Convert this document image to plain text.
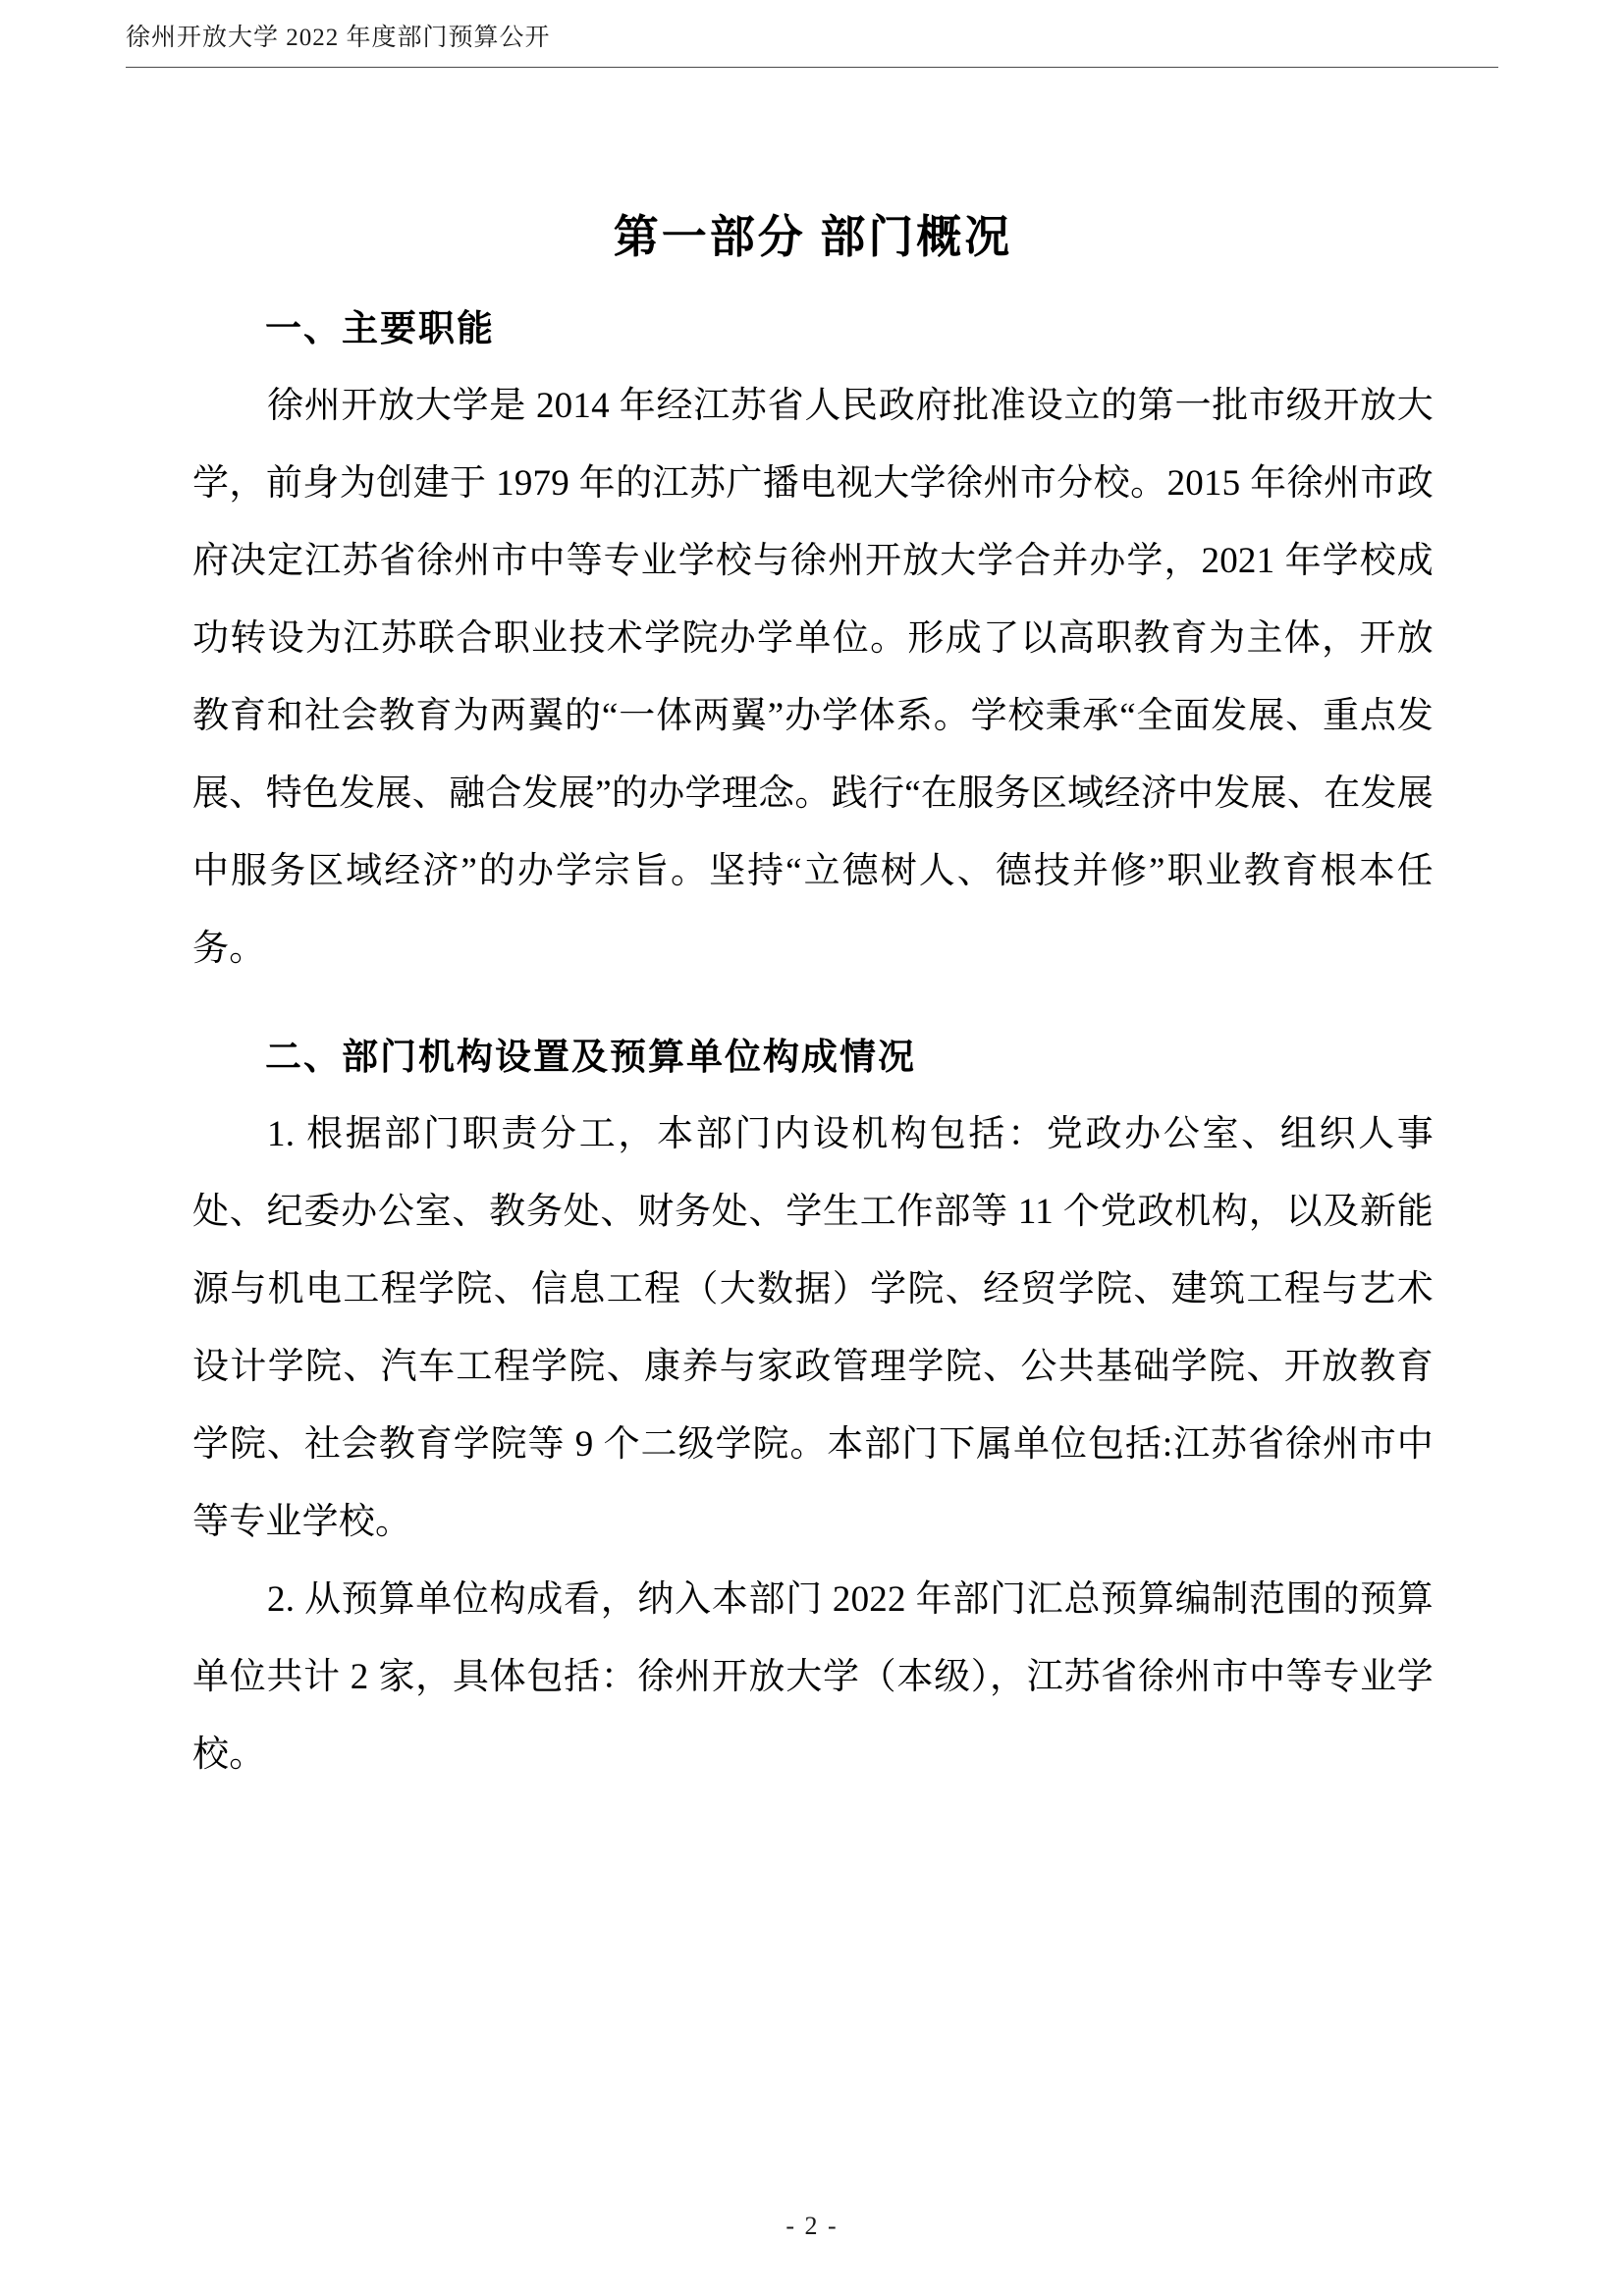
徐州开放大学 2022 年度部门预算公开
第一部分 部门概况
一、主要职能

徐州开放大学是 2014 年经江苏省人民政府批准设立的第一批市级开放大学，前身为创建于 1979 年的江苏广播电视大学徐州市分校。2015 年徐州市政府决定江苏省徐州市中等专业学校与徐州开放大学合并办学，2021 年学校成功转设为江苏联合职业技术学院办学单位。形成了以高职教育为主体，开放教育和社会教育为两翼的“一体两翼”办学体系。学校秉承“全面发展、重点发展、特色发展、融合发展”的办学理念。践行“在服务区域经济中发展、在发展中服务区域经济”的办学宗旨。坚持“立德树人、德技并修”职业教育根本任务。

二、部门机构设置及预算单位构成情况

1. 根据部门职责分工，本部门内设机构包括：党政办公室、组织人事处、纪委办公室、教务处、财务处、学生工作部等 11 个党政机构，以及新能源与机电工程学院、信息工程（大数据）学院、经贸学院、建筑工程与艺术设计学院、汽车工程学院、康养与家政管理学院、公共基础学院、开放教育学院、社会教育学院等 9 个二级学院。本部门下属单位包括:江苏省徐州市中等专业学校。

2. 从预算单位构成看，纳入本部门 2022 年部门汇总预算编制范围的预算单位共计 2 家，具体包括：徐州开放大学（本级），江苏省徐州市中等专业学校。

- 2 -
